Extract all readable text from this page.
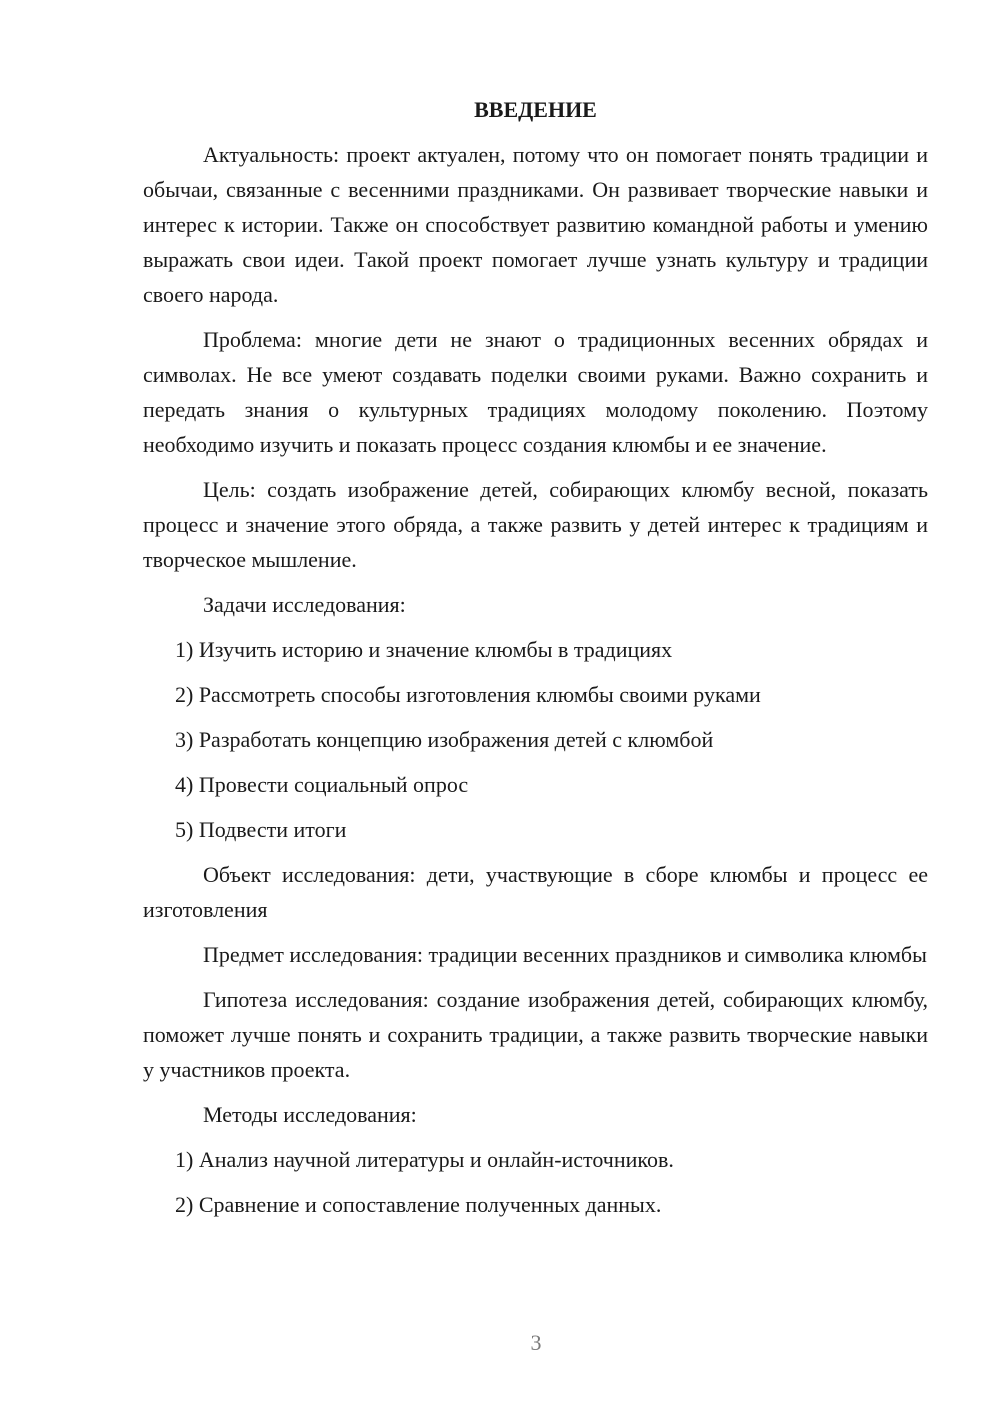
ВВЕДЕНИЕ

Актуальность: проект актуален, потому что он помогает понять традиции и обычаи, связанные с весенними праздниками. Он развивает творческие навыки и интерес к истории. Также он способствует развитию командной работы и умению выражать свои идеи. Такой проект помогает лучше узнать культуру и традиции своего народа.

Проблема: многие дети не знают о традиционных весенних обрядах и символах. Не все умеют создавать поделки своими руками. Важно сохранить и передать знания о культурных традициях молодому поколению. Поэтому необходимо изучить и показать процесс создания клюмбы и ее значение.

Цель: создать изображение детей, собирающих клюмбу весной, показать процесс и значение этого обряда, а также развить у детей интерес к традициям и творческое мышление.

Задачи исследования:
1) Изучить историю и значение клюмбы в традициях
2) Рассмотреть способы изготовления клюмбы своими руками
3) Разработать концепцию изображения детей с клюмбой
4) Провести социальный опрос
5) Подвести итоги

Объект исследования: дети, участвующие в сборе клюмбы и процесс ее изготовления

Предмет исследования: традиции весенних праздников и символика клюмбы

Гипотеза исследования: создание изображения детей, собирающих клюмбу, поможет лучше понять и сохранить традиции, а также развить творческие навыки у участников проекта.

Методы исследования:
1) Анализ научной литературы и онлайн-источников.
2) Сравнение и сопоставление полученных данных.
3
